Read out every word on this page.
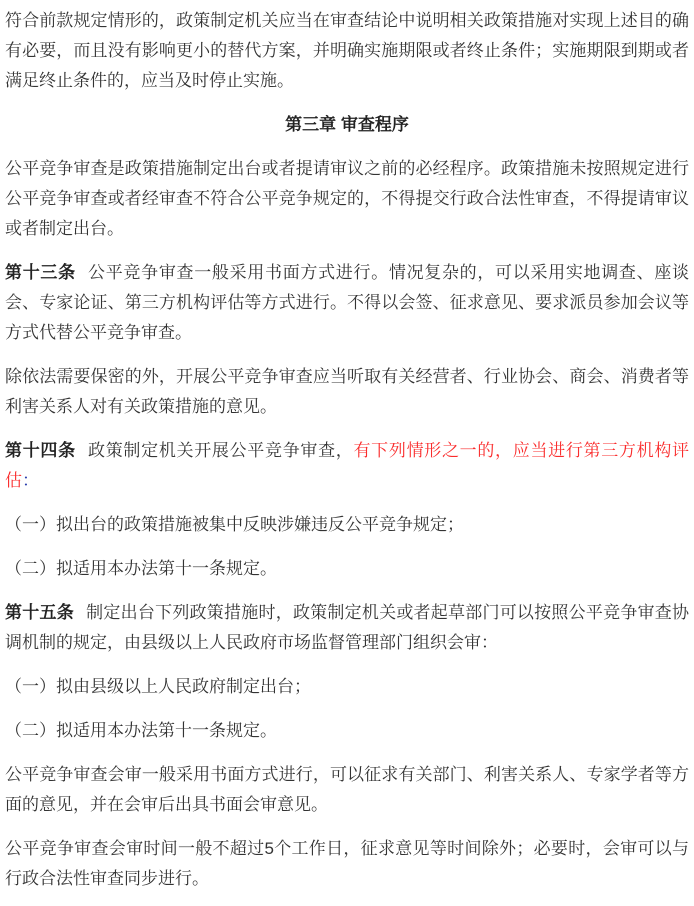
符合前款规定情形的，政策制定机关应当在审查结论中说明相关政策措施对实现上述目的确有必要，而且没有影响更小的替代方案，并明确实施期限或者终止条件；实施期限到期或者满足终止条件的，应当及时停止实施。

第三章 审查程序

公平竞争审查是政策措施制定出台或者提请审议之前的必经程序。政策措施未按照规定进行公平竞争审查或者经审查不符合公平竞争规定的，不得提交行政合法性审查，不得提请审议或者制定出台。

第十三条 公平竞争审查一般采用书面方式进行。情况复杂的，可以采用实地调查、座谈会、专家论证、第三方机构评估等方式进行。不得以会签、征求意见、要求派员参加会议等方式代替公平竞争审查。

除依法需要保密的外，开展公平竞争审查应当听取有关经营者、行业协会、商会、消费者等利害关系人对有关政策措施的意见。

第十四条 政策制定机关开展公平竞争审查，有下列情形之一的，应当进行第三方机构评估：

（一）拟出台的政策措施被集中反映涉嫌违反公平竞争规定；

（二）拟适用本办法第十一条规定。

第十五条 制定出台下列政策措施时，政策制定机关或者起草部门可以按照公平竞争审查协调机制的规定，由县级以上人民政府市场监督管理部门组织会审：

（一）拟由县级以上人民政府制定出台；

（二）拟适用本办法第十一条规定。

公平竞争审查会审一般采用书面方式进行，可以征求有关部门、利害关系人、专家学者等方面的意见，并在会审后出具书面会审意见。

公平竞争审查会审时间一般不超过5个工作日，征求意见等时间除外；必要时，会审可以与行政合法性审查同步进行。
